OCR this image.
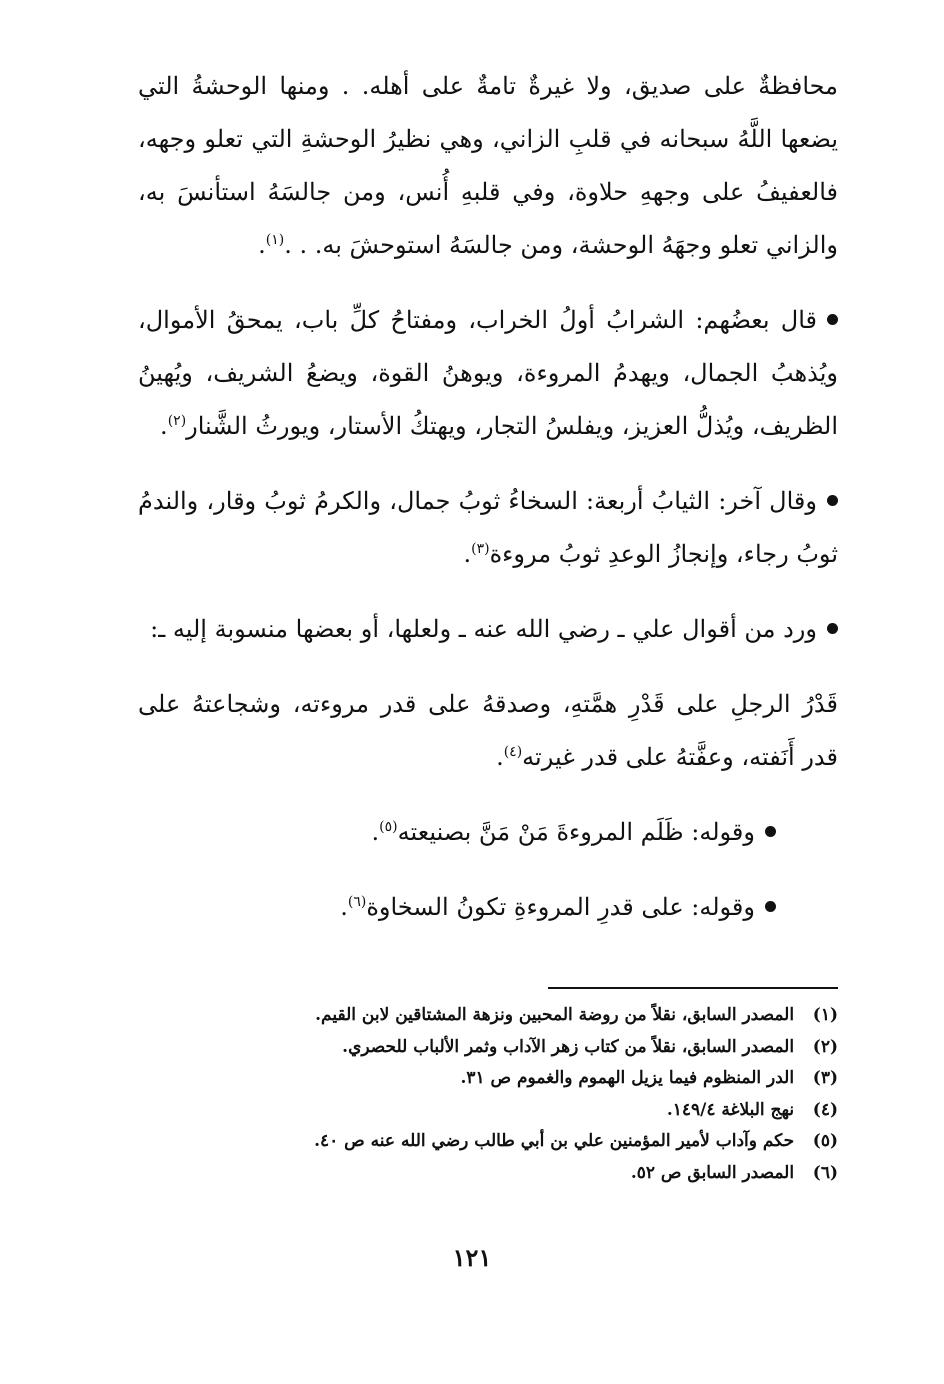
محافظةٌ على صديق، ولا غيرةٌ تامةٌ على أهله. . ومنها الوحشةُ التي يضعها اللَّهُ سبحانه في قلبِ الزاني، وهي نظيرُ الوحشةِ التي تعلو وجهه، فالعفيفُ على وجههِ حلاوة، وفي قلبهِ أُنس، ومن جالسَهُ استأنسَ به، والزاني تعلو وجهَهُ الوحشة، ومن جالسَهُ استوحشَ به. . .$^{(١)}$.

قال بعضُهم: الشرابُ أولُ الخراب، ومفتاحُ كلِّ باب، يمحقُ الأموال، ويُذهبُ الجمال، ويهدمُ المروءة، ويوهنُ القوة، ويضعُ الشريف، ويُهينُ الظريف، ويُذلُّ العزيز، ويفلسُ التجار، ويهتكُ الأستار، ويورثُ الشَّنار$^{(٢)}$.

وقال آخر: الثيابُ أربعة: السخاءُ ثوبُ جمال، والكرمُ ثوبُ وقار، والندمُ ثوبُ رجاء، وإنجازُ الوعدِ ثوبُ مروءة$^{(٣)}$.

ورد من أقوال علي ـ رضي الله عنه ـ ولعلها، أو بعضها منسوبة إليه ـ:

قَدْرُ الرجلِ على قَدْرِ همَّتهِ، وصدقهُ على قدر مروءته، وشجاعتهُ على قدر أَنَفته، وعفَّتهُ على قدر غيرته$^{(٤)}$.

وقوله: ظَلَم المروءةَ مَنْ مَنَّ بصنيعته$^{(٥)}$.

وقوله: على قدرِ المروءةِ تكونُ السخاوة$^{(٦)}$.

(١) المصدر السابق، نقلاً من روضة المحبين ونزهة المشتاقين لابن القيم.
(٢) المصدر السابق، نقلاً من كتاب زهر الآداب وثمر الألباب للحصري.
(٣) الدر المنظوم فيما يزيل الهموم والغموم ص ٣١.
(٤) نهج البلاغة ١٤٩/٤.
(٥) حكم وآداب لأمير المؤمنين علي بن أبي طالب رضي الله عنه ص ٤٠.
(٦) المصدر السابق ص ٥٢.
١٢١
